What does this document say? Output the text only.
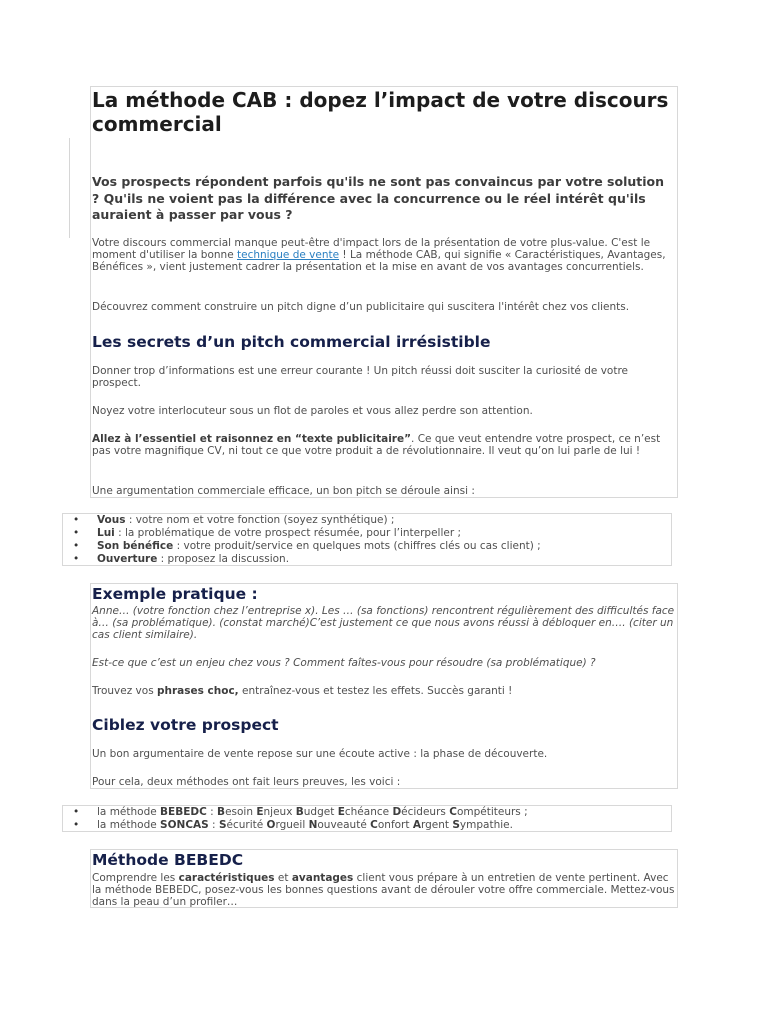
La méthode CAB : dopez l’impact de votre discours commercial

Vos prospects répondent parfois qu'ils ne sont pas convaincus par votre solution ? Qu'ils ne voient pas la différence avec la concurrence ou le réel intérêt qu'ils auraient à passer par vous ?

Votre discours commercial manque peut-être d'impact lors de la présentation de votre plus-value. C'est le moment d'utiliser la bonne technique de vente ! La méthode CAB, qui signifie « Caractéristiques, Avantages, Bénéfices », vient justement cadrer la présentation et la mise en avant de vos avantages concurrentiels.

Découvrez comment construire un pitch digne d’un publicitaire qui suscitera l'intérêt chez vos clients.

Les secrets d’un pitch commercial irrésistible

Donner trop d’informations est une erreur courante ! Un pitch réussi doit susciter la curiosité de votre prospect.

Noyez votre interlocuteur sous un flot de paroles et vous allez perdre son attention.

Allez à l’essentiel et raisonnez en “texte publicitaire”. Ce que veut entendre votre prospect, ce n’est pas votre magnifique CV, ni tout ce que votre produit a de révolutionnaire. Il veut qu’on lui parle de lui !

Une argumentation commerciale efficace, un bon pitch se déroule ainsi :

• Vous : votre nom et votre fonction (soyez synthétique) ;
• Lui : la problématique de votre prospect résumée, pour l’interpeller ;
• Son bénéfice : votre produit/service en quelques mots (chiffres clés ou cas client) ;
• Ouverture : proposez la discussion.
Exemple pratique :

Anne… (votre fonction chez l’entreprise x). Les … (sa fonctions) rencontrent régulièrement des difficultés face à… (sa problématique). (constat marché)C’est justement ce que nous avons réussi à débloquer en…. (citer un cas client similaire).

Est-ce que c’est un enjeu chez vous ? Comment faîtes-vous pour résoudre (sa problématique) ?

Trouvez vos phrases choc, entraînez-vous et testez les effets. Succès garanti !

Ciblez votre prospect

Un bon argumentaire de vente repose sur une écoute active : la phase de découverte.

Pour cela, deux méthodes ont fait leurs preuves, les voici :

• la méthode BEBEDC : Besoin Enjeux Budget Echéance Décideurs Compétiteurs ;
• la méthode SONCAS : Sécurité Orgueil Nouveauté Confort Argent Sympathie.
Méthode BEBEDC

Comprendre les caractéristiques et avantages client vous prépare à un entretien de vente pertinent. Avec la méthode BEBEDC, posez-vous les bonnes questions avant de dérouler votre offre commerciale. Mettez-vous dans la peau d’un profiler…
